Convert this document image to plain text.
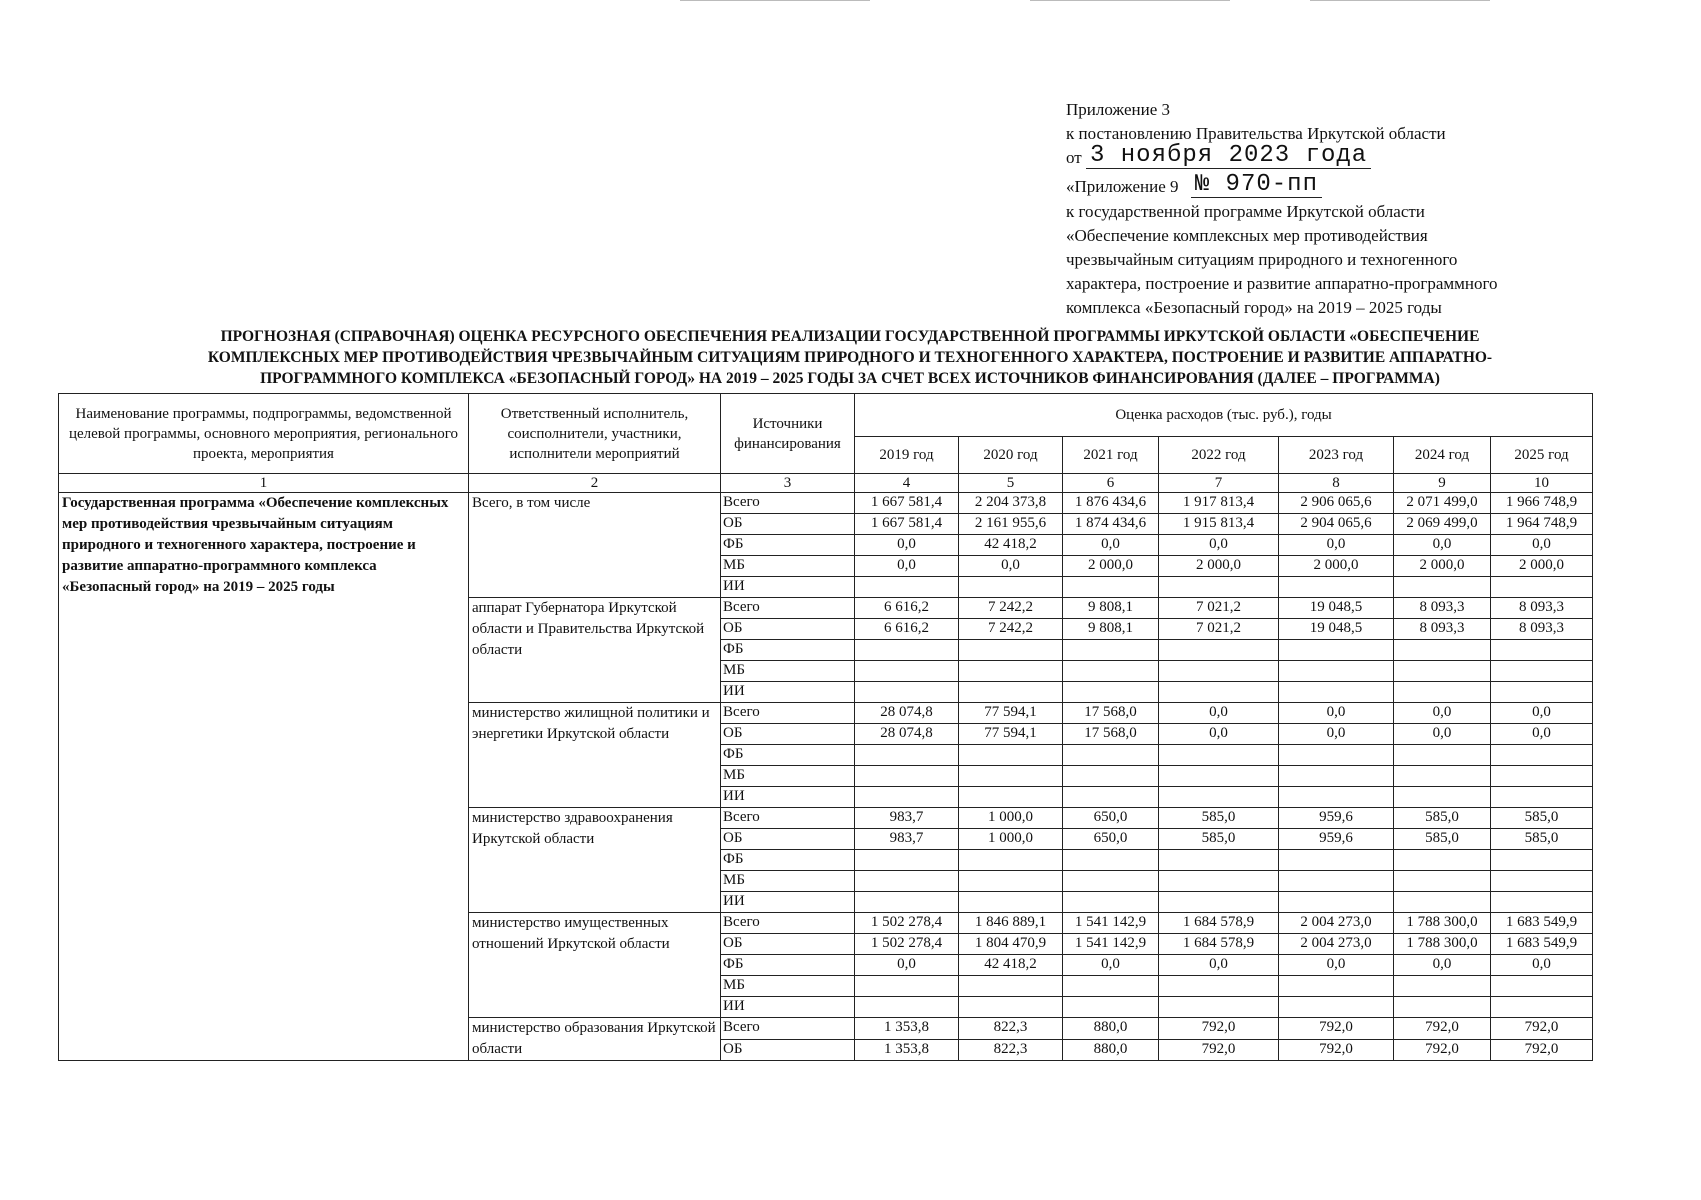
Приложение 3
к постановлению Правительства Иркутской области
от 3 ноября 2023 года
«Приложение 9 № 970-пп
к государственной программе Иркутской области
«Обеспечение комплексных мер противодействия
чрезвычайным ситуациям природного и техногенного
характера, построение и развитие аппаратно-программного
комплекса «Безопасный город» на 2019 – 2025 годы
ПРОГНОЗНАЯ (СПРАВОЧНАЯ) ОЦЕНКА РЕСУРСНОГО ОБЕСПЕЧЕНИЯ РЕАЛИЗАЦИИ ГОСУДАРСТВЕННОЙ ПРОГРАММЫ ИРКУТСКОЙ ОБЛАСТИ «ОБЕСПЕЧЕНИЕ
КОМПЛЕКСНЫХ МЕР ПРОТИВОДЕЙСТВИЯ ЧРЕЗВЫЧАЙНЫМ СИТУАЦИЯМ ПРИРОДНОГО И ТЕХНОГЕННОГО ХАРАКТЕРА, ПОСТРОЕНИЕ И РАЗВИТИЕ АППАРАТНО-
ПРОГРАММНОГО КОМПЛЕКСА «БЕЗОПАСНЫЙ ГОРОД» НА 2019 – 2025 ГОДЫ ЗА СЧЕТ ВСЕХ ИСТОЧНИКОВ ФИНАНСИРОВАНИЯ (ДАЛЕЕ – ПРОГРАММА)
Наименование программы, подпрограммы, ведомственной целевой программы, основного мероприятия, регионального проекта, мероприятия	Ответственный исполнитель, соисполнители, участники, исполнители мероприятий	Источники финансирования	Оценка расходов (тыс. руб.), годы						
			2019 год	2020 год	2021 год	2022 год	2023 год	2024 год	2025 год
1	2	3	4	5	6	7	8	9	10
Государственная программа «Обеспечение комплексных мер противодействия чрезвычайным ситуациям природного и техногенного характера, построение и развитие аппаратно-программного комплекса «Безопасный город» на 2019 – 2025 годы	Всего, в том числе	Всего	1 667 581,4	2 204 373,8	1 876 434,6	1 917 813,4	2 906 065,6	2 071 499,0	1 966 748,9
		ОБ	1 667 581,4	2 161 955,6	1 874 434,6	1 915 813,4	2 904 065,6	2 069 499,0	1 964 748,9
		ФБ	0,0	42 418,2	0,0	0,0	0,0	0,0	0,0
		МБ	0,0	0,0	2 000,0	2 000,0	2 000,0	2 000,0	2 000,0
		ИИ							
	аппарат Губернатора Иркутской области и Правительства Иркутской области	Всего	6 616,2	7 242,2	9 808,1	7 021,2	19 048,5	8 093,3	8 093,3
		ОБ	6 616,2	7 242,2	9 808,1	7 021,2	19 048,5	8 093,3	8 093,3
		ФБ							
		МБ							
		ИИ							
	министерство жилищной политики и энергетики Иркутской области	Всего	28 074,8	77 594,1	17 568,0	0,0	0,0	0,0	0,0
		ОБ	28 074,8	77 594,1	17 568,0	0,0	0,0	0,0	0,0
		ФБ							
		МБ							
		ИИ							
	министерство здравоохранения Иркутской области	Всего	983,7	1 000,0	650,0	585,0	959,6	585,0	585,0
		ОБ	983,7	1 000,0	650,0	585,0	959,6	585,0	585,0
		ФБ							
		МБ							
		ИИ							
	министерство имущественных отношений Иркутской области	Всего	1 502 278,4	1 846 889,1	1 541 142,9	1 684 578,9	2 004 273,0	1 788 300,0	1 683 549,9
		ОБ	1 502 278,4	1 804 470,9	1 541 142,9	1 684 578,9	2 004 273,0	1 788 300,0	1 683 549,9
		ФБ	0,0	42 418,2	0,0	0,0	0,0	0,0	0,0
		МБ							
		ИИ							
	министерство образования Иркутской области	Всего	1 353,8	822,3	880,0	792,0	792,0	792,0	792,0
		ОБ	1 353,8	822,3	880,0	792,0	792,0	792,0	792,0
